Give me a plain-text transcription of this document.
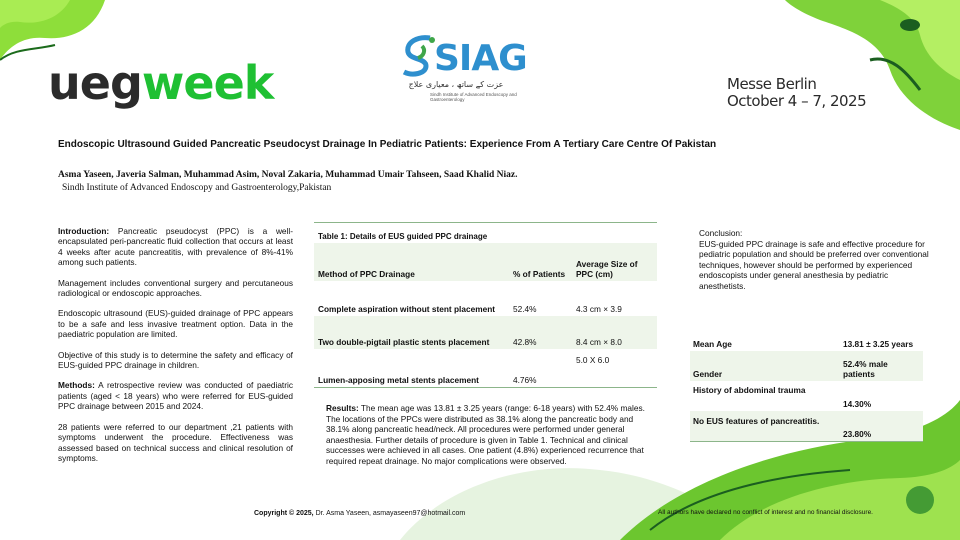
uegweek	SIAG
عزت کے ساتھ ، معیاری علاج
Sindh Institute of Advanced Endoscopy and Gastroenterology
Messe Berlin
October 4 – 7, 2025
Endoscopic Ultrasound Guided Pancreatic Pseudocyst Drainage In Pediatric Patients: Experience From A Tertiary Care Centre Of Pakistan
Asma Yaseen, Javeria Salman, Muhammad Asim, Noval Zakaria, Muhammad Umair Tahseen, Saad Khalid Niaz.
Sindh Institute of Advanced Endoscopy and Gastroenterology,Pakistan

Introduction: Pancreatic pseudocyst (PPC) is a well-encapsulated peri-pancreatic fluid collection that occurs at least 4 weeks after acute pancreatitis, with prevalence of 8%-41% among such patients.

Management includes conventional surgery and percutaneous radiological or endoscopic approaches.

Endoscopic ultrasound (EUS)-guided drainage of PPC appears to be a safe and less invasive treatment option. Data in the paediatric population are limited.

Objective of this study is to determine the safety and efficacy of EUS-guided PPC drainage in children.

Methods: A retrospective review was conducted of paediatric patients (aged < 18 years) who were referred for EUS-guided PPC drainage between 2015 and 2024.

28 patients were referred to our department ,21 patients with symptoms underwent the procedure. Effectiveness was assessed based on technical success and clinical resolution of symptoms.

Table 1: Details of EUS guided PPC drainage
Method of PPC Drainage	% of Patients	Average Size of PPC (cm)
Complete aspiration without stent placement	52.4%	4.3 cm × 3.9
Two double-pigtail plastic stents placement	42.8%	8.4 cm × 8.0
Lumen-apposing metal stents placement	4.76%	5.0 X 6.0
Results: The mean age was 13.81 ± 3.25 years (range: 6-18 years) with 52.4% males. The locations of the PPCs were distributed as 38.1% along the pancreatic body and 38.1% along pancreatic head/neck. All procedures were performed under general anaesthesia. Further details of procedure is given in Table 1. Technical and clinical successes were achieved in all cases. One patient (4.8%) experienced recurrence that required repeat drainage. No major complications were observed.
Conclusion:
EUS-guided PPC drainage is safe and effective procedure for pediatric population and should be preferred over conventional techniques, however should be performed by experienced endoscopists under general anesthesia by pediatric anesthetists.
Mean Age	13.81 ± 3.25 years
Gender	52.4% male patients
History of abdominal trauma	14.30%
No EUS features of pancreatitis.	23.80%
Copyright © 2025, Dr. Asma Yaseen, asmayaseen97@hotmail.com	All authors have declared no conflict of interest and no financial disclosure.
